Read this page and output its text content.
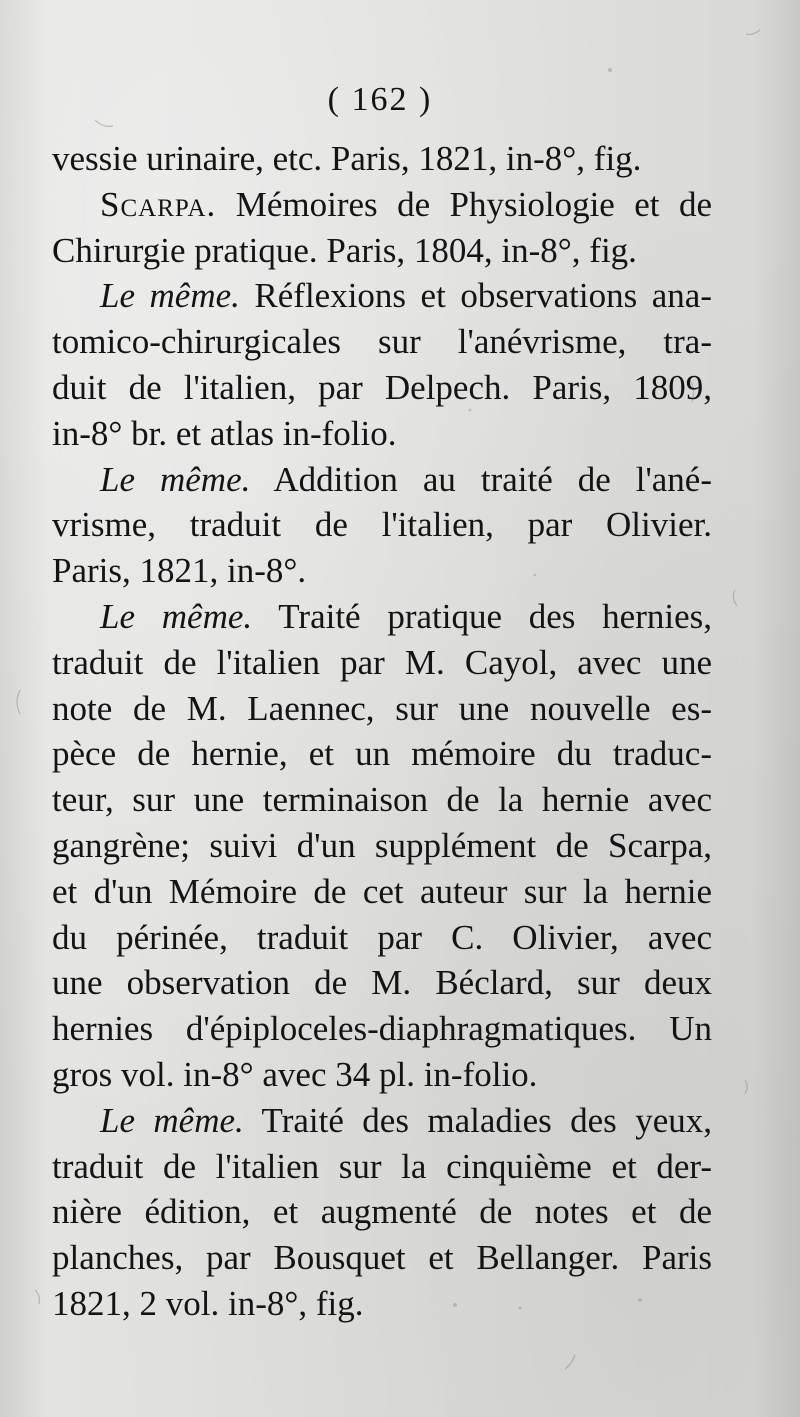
( 162 )
vessie urinaire, etc. Paris, 1821, in-8°, fig.
Scarpa. Mémoires de Physiologie et de
Chirurgie pratique. Paris, 1804, in-8°, fig.
Le même. Réflexions et observations ana-
tomico-chirurgicales sur l'anévrisme, tra-
duit de l'italien, par Delpech. Paris, 1809,
in-8° br. et atlas in-folio.
Le même. Addition au traité de l'ané-
vrisme, traduit de l'italien, par Olivier.
Paris, 1821, in-8°.
Le même. Traité pratique des hernies,
traduit de l'italien par M. Cayol, avec une
note de M. Laennec, sur une nouvelle es-
pèce de hernie, et un mémoire du traduc-
teur, sur une terminaison de la hernie avec
gangrène; suivi d'un supplément de Scarpa,
et d'un Mémoire de cet auteur sur la hernie
du périnée, traduit par C. Olivier, avec
une observation de M. Béclard, sur deux
hernies d'épiploceles-diaphragmatiques. Un
gros vol. in-8° avec 34 pl. in-folio.
Le même. Traité des maladies des yeux,
traduit de l'italien sur la cinquième et der-
nière édition, et augmenté de notes et de
planches, par Bousquet et Bellanger. Paris
1821, 2 vol. in-8°, fig.
